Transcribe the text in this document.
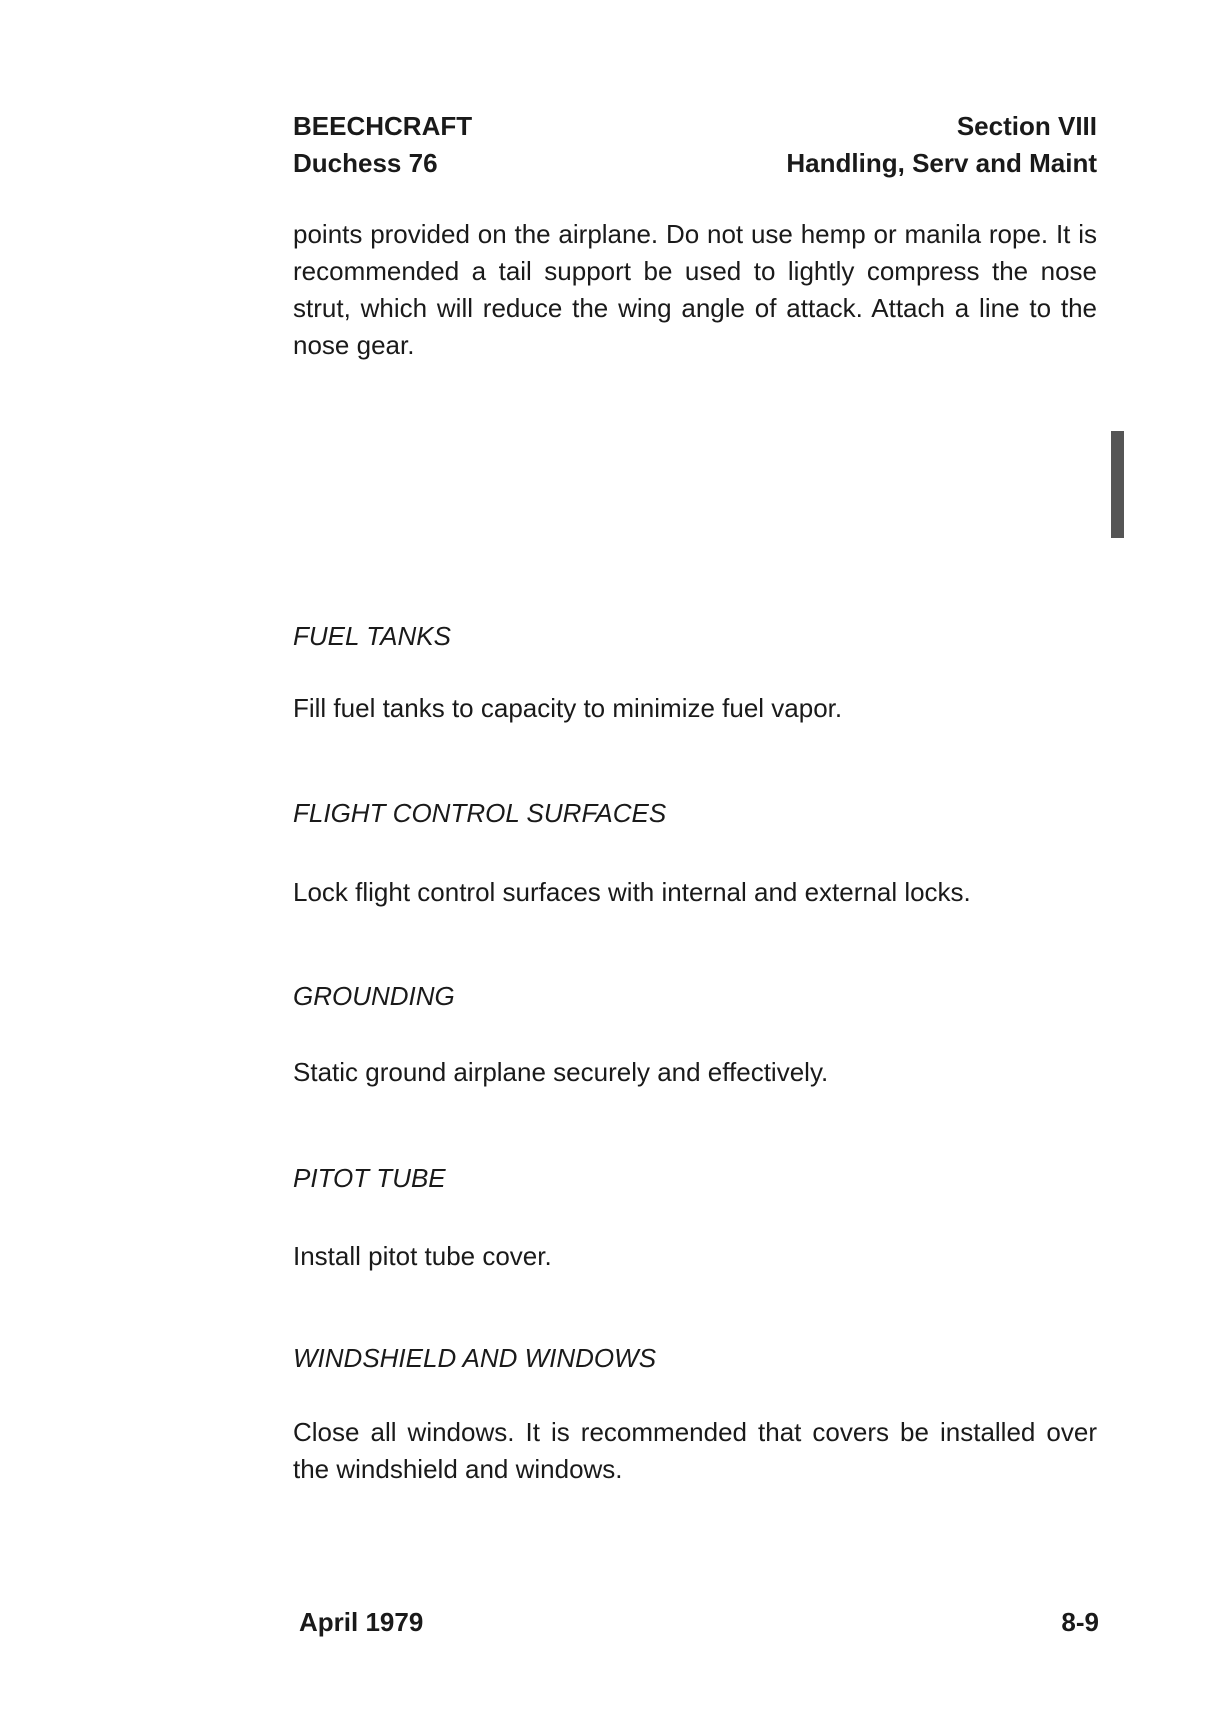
BEECHCRAFT
Duchess 76
Section VIII
Handling, Serv and Maint

points provided on the airplane. Do not use hemp or manila rope. It is recommended a tail support be used to lightly compress the nose strut, which will reduce the wing angle of attack. Attach a line to the nose gear.

FUEL TANKS

Fill fuel tanks to capacity to minimize fuel vapor.

FLIGHT CONTROL SURFACES

Lock flight control surfaces with internal and external locks.

GROUNDING

Static ground airplane securely and effectively.

PITOT TUBE

Install pitot tube cover.

WINDSHIELD AND WINDOWS

Close all windows. It is recommended that covers be installed over the windshield and windows.

April 1979	8-9
